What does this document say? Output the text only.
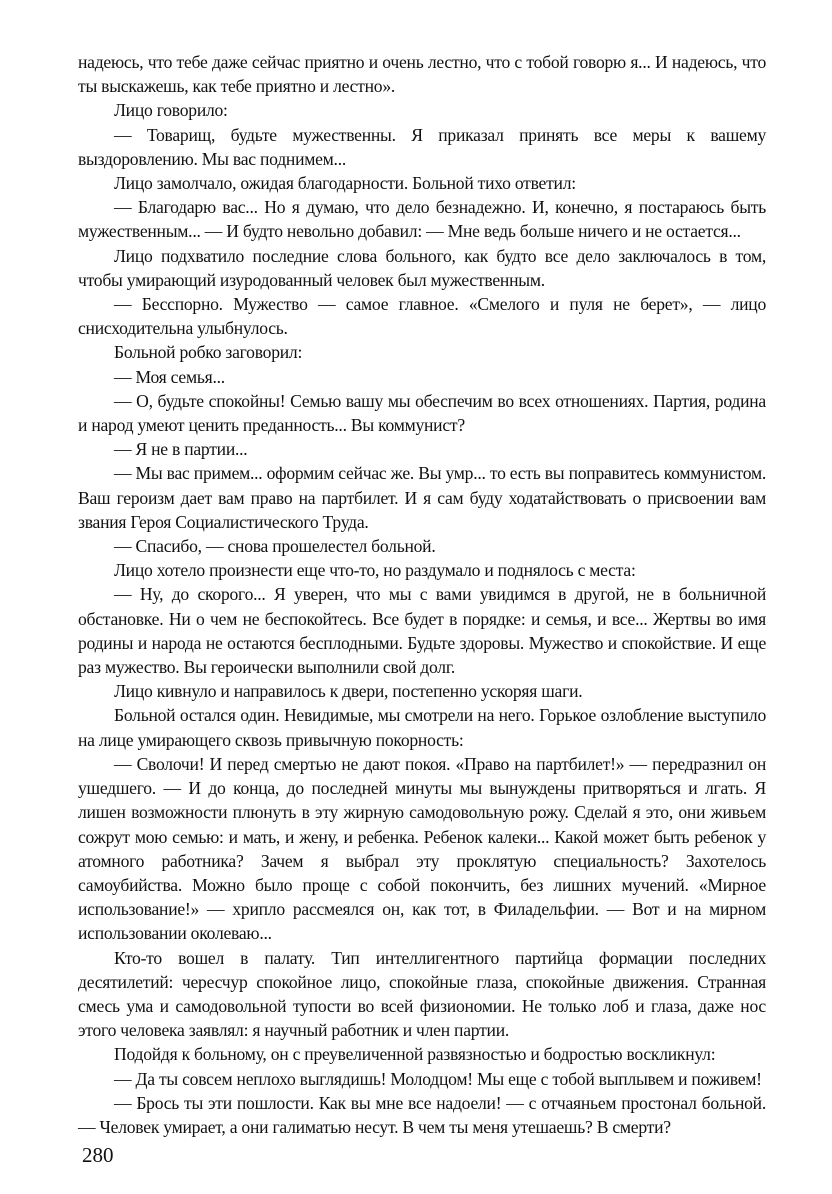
надеюсь, что тебе даже сейчас приятно и очень лестно, что с тобой говорю я... И надеюсь, что ты выскажешь, как тебе приятно и лестно».

Лицо говорило:

— Товарищ, будьте мужественны. Я приказал принять все меры к вашему выздоровлению. Мы вас поднимем...

Лицо замолчало, ожидая благодарности. Больной тихо ответил:

— Благодарю вас... Но я думаю, что дело безнадежно. И, конечно, я постараюсь быть мужественным... — И будто невольно добавил: — Мне ведь больше ничего и не остается...

Лицо подхватило последние слова больного, как будто все дело заключалось в том, чтобы умирающий изуродованный человек был мужественным.

— Бесспорно. Мужество — самое главное. «Смелого и пуля не берет», — лицо снисходительна улыбнулось.

Больной робко заговорил:

— Моя семья...

— О, будьте спокойны! Семью вашу мы обеспечим во всех отношениях. Партия, родина и народ умеют ценить преданность... Вы коммунист?

— Я не в партии...

— Мы вас примем... оформим сейчас же. Вы умр... то есть вы поправитесь коммунистом. Ваш героизм дает вам право на партбилет. И я сам буду ходатайствовать о присвоении вам звания Героя Социалистического Труда.

— Спасибо, — снова прошелестел больной.

Лицо хотело произнести еще что-то, но раздумало и поднялось с места:

— Ну, до скорого... Я уверен, что мы с вами увидимся в другой, не в больничной обстановке. Ни о чем не беспокойтесь. Все будет в порядке: и семья, и все... Жертвы во имя родины и народа не остаются бесплодными. Будьте здоровы. Мужество и спокойствие. И еще раз мужество. Вы героически выполнили свой долг.

Лицо кивнуло и направилось к двери, постепенно ускоряя шаги.

Больной остался один. Невидимые, мы смотрели на него. Горькое озлобление выступило на лице умирающего сквозь привычную покорность:

— Сволочи! И перед смертью не дают покоя. «Право на партбилет!» — передразнил он ушедшего. — И до конца, до последней минуты мы вынуждены притворяться и лгать. Я лишен возможности плюнуть в эту жирную самодовольную рожу. Сделай я это, они живьем сожрут мою семью: и мать, и жену, и ребенка. Ребенок калеки... Какой может быть ребенок у атомного работника? Зачем я выбрал эту проклятую специальность? Захотелось самоубийства. Можно было проще с собой покончить, без лишних мучений. «Мирное использование!» — хрипло рассмеялся он, как тот, в Филадельфии. — Вот и на мирном использовании околеваю...

Кто-то вошел в палату. Тип интеллигентного партийца формации последних десятилетий: чересчур спокойное лицо, спокойные глаза, спокойные движения. Странная смесь ума и самодовольной тупости во всей физиономии. Не только лоб и глаза, даже нос этого человека заявлял: я научный работник и член партии.

Подойдя к больному, он с преувеличенной развязностью и бодростью воскликнул:

— Да ты совсем неплохо выглядишь! Молодцом! Мы еще с тобой выплывем и поживем!

— Брось ты эти пошлости. Как вы мне все надоели! — с отчаяньем простонал больной. — Человек умирает, а они галиматью несут. В чем ты меня утешаешь? В смерти?

280
